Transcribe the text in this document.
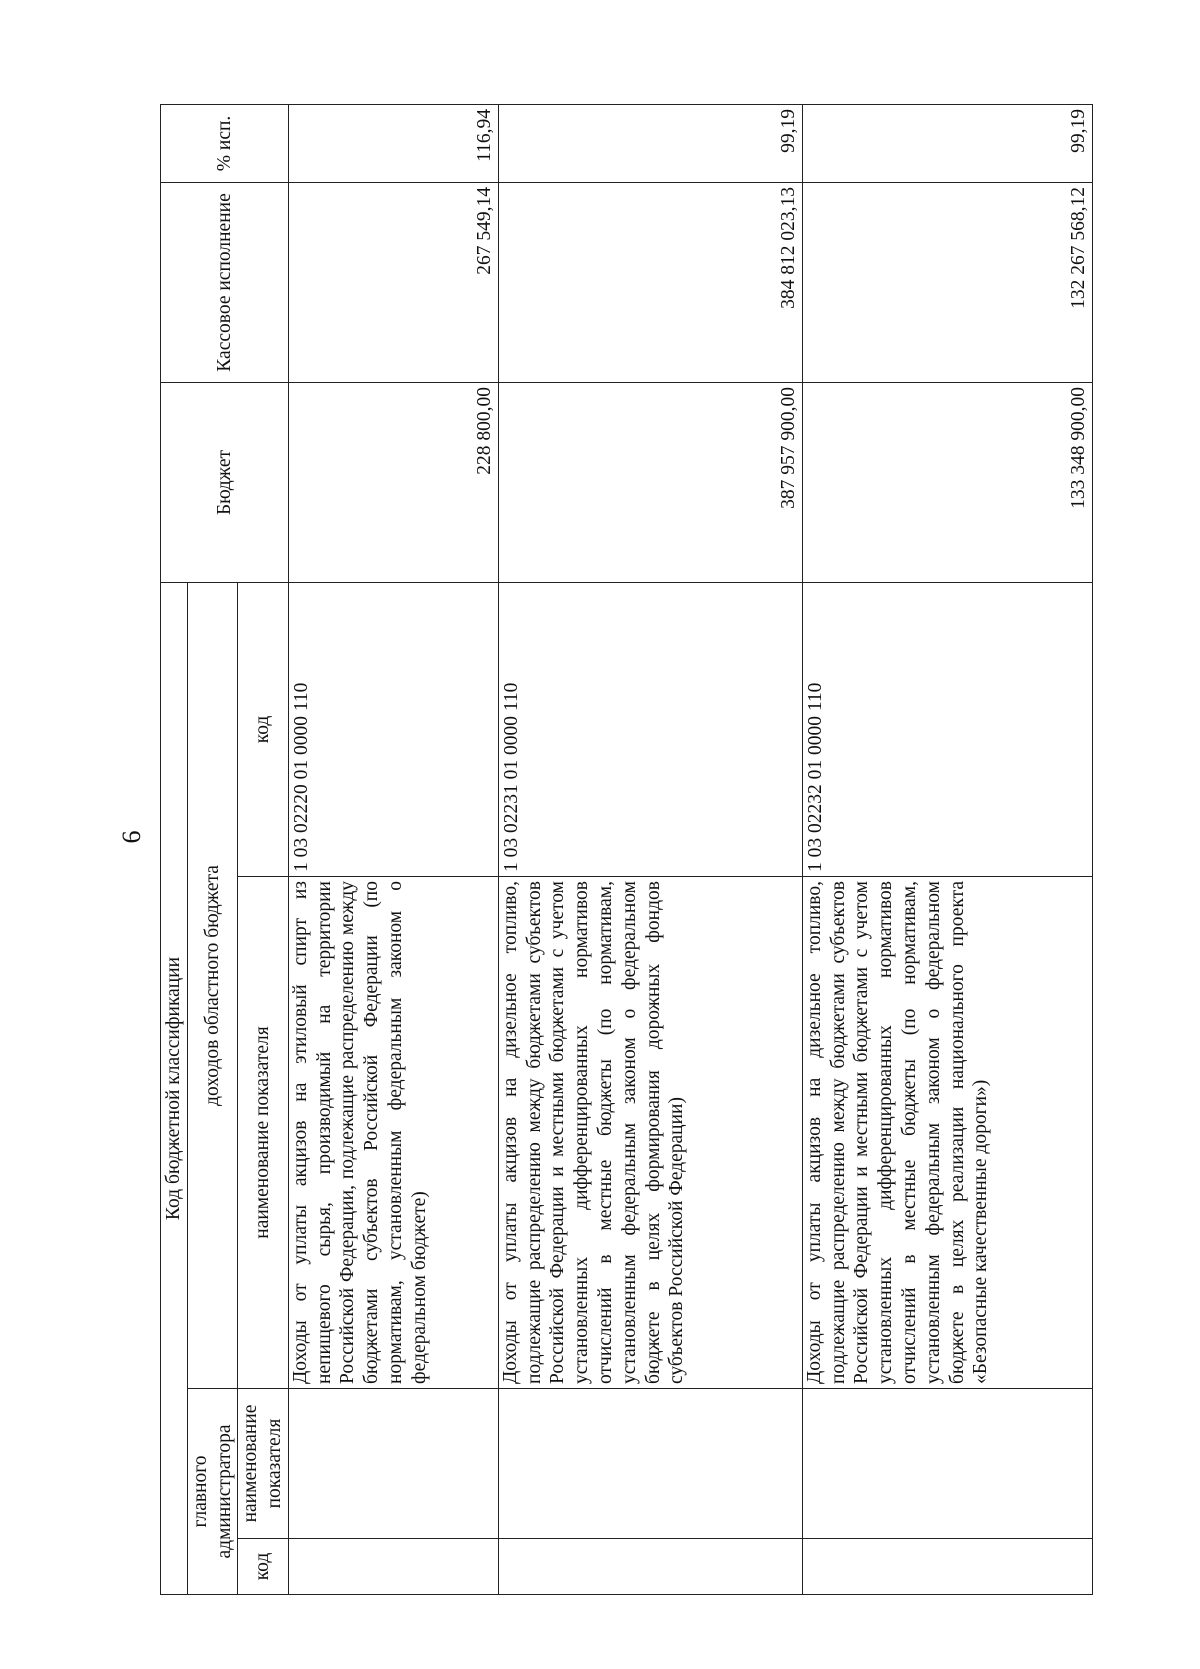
6
Код бюджетной классификации				Бюджет	Кассовое исполнение	% исп.
главного администратора		доходов областного бюджета				
код	наименование показателя	наименование показателя	код			
		Доходы от уплаты акцизов на этиловый спирт из непищевого сырья, производимый на территории Российской Федерации, подлежащие распределению между бюджетами субъектов Российской Федерации (по нормативам, установленным федеральным законом о федеральном бюджете)	1 03 02220 01 0000 110	228 800,00	267 549,14	116,94
		Доходы от уплаты акцизов на дизельное топливо, подлежащие распределению между бюджетами субъектов Российской Федерации и местными бюджетами с учетом установленных дифференцированных нормативов отчислений в местные бюджеты (по нормативам, установленным федеральным законом о федеральном бюджете в целях формирования дорожных фондов субъектов Российской Федерации)	1 03 02231 01 0000 110	387 957 900,00	384 812 023,13	99,19
		Доходы от уплаты акцизов на дизельное топливо, подлежащие распределению между бюджетами субъектов Российской Федерации и местными бюджетами с учетом установленных дифференцированных нормативов отчислений в местные бюджеты (по нормативам, установленным федеральным законом о федеральном бюджете в целях реализации национального проекта «Безопасные качественные дороги»)	1 03 02232 01 0000 110	133 348 900,00	132 267 568,12	99,19
